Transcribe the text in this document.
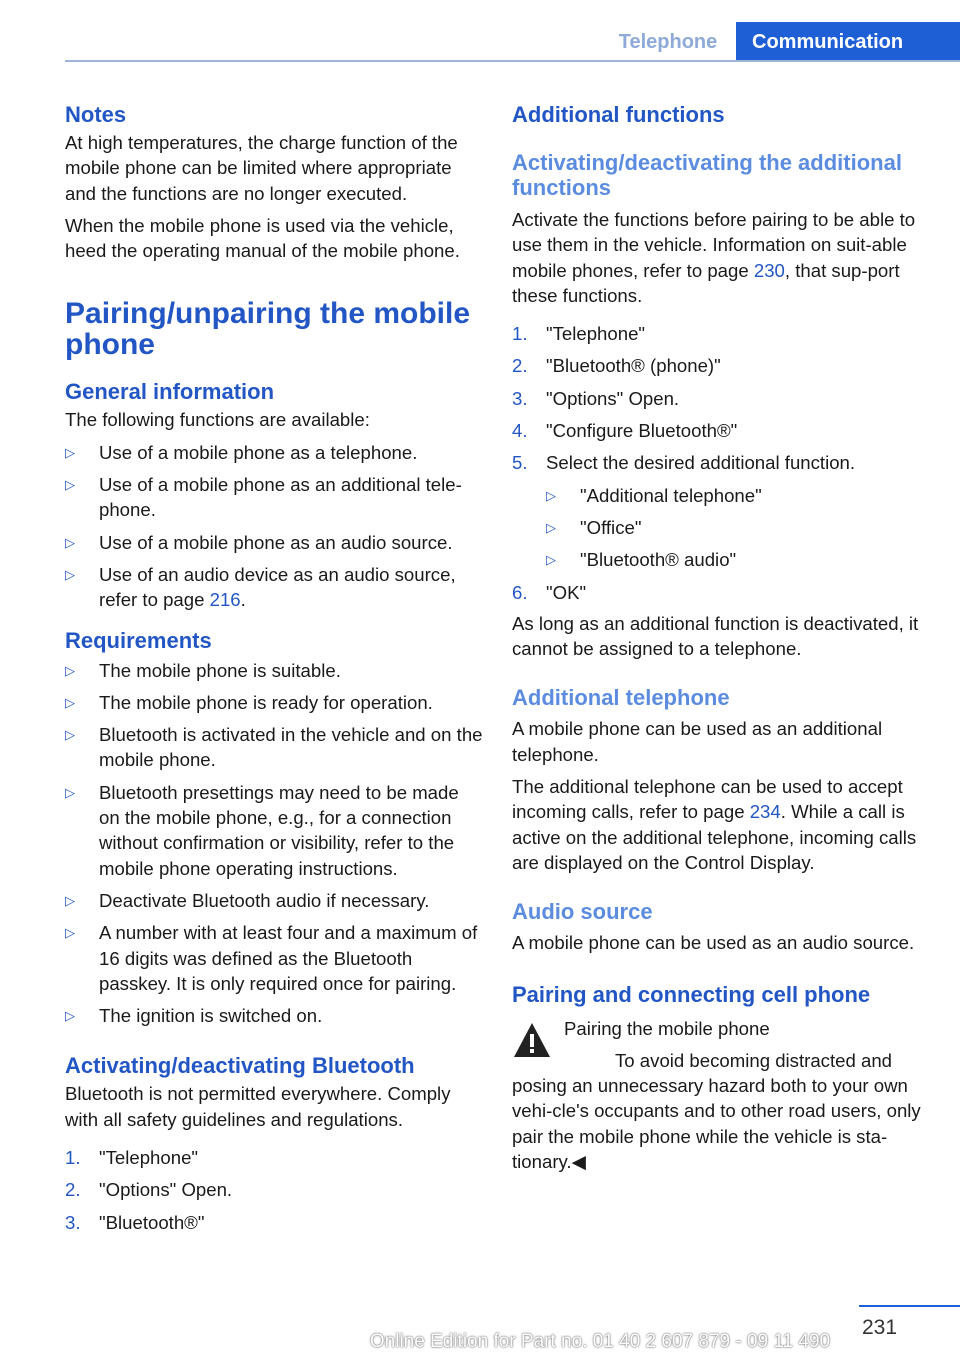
Telephone	Communication
Notes

At high temperatures, the charge function of the mobile phone can be limited where appropriate and the functions are no longer executed.

When the mobile phone is used via the vehicle, heed the operating manual of the mobile phone.

Pairing/unpairing the mobile phone
General information

The following functions are available:

▷ Use of a mobile phone as a telephone.
▷ Use of a mobile phone as an additional tele‐phone.
▷ Use of a mobile phone as an audio source.
▷ Use of an audio device as an audio source, refer to page 216.
Requirements
▷ The mobile phone is suitable.
▷ The mobile phone is ready for operation.
▷ Bluetooth is activated in the vehicle and on the mobile phone.
▷ Bluetooth presettings may need to be made on the mobile phone, e.g., for a connection without confirmation or visibility, refer to the mobile phone operating instructions.
▷ Deactivate Bluetooth audio if necessary.
▷ A number with at least four and a maximum of 16 digits was defined as the Bluetooth passkey. It is only required once for pairing.
▷ The ignition is switched on.
Activating/deactivating Bluetooth

Bluetooth is not permitted everywhere. Comply with all safety guidelines and regulations.

1. "Telephone"
2. "Options" Open.
3. "Bluetooth®"
Additional functions
Activating/deactivating the additional functions

Activate the functions before pairing to be able to use them in the vehicle. Information on suit‐able mobile phones, refer to page 230, that sup‐port these functions.

1. "Telephone"
2. "Bluetooth® (phone)"
3. "Options" Open.
4. "Configure Bluetooth®"
5. Select the desired additional function.
▷ "Additional telephone"
▷ "Office"
▷ "Bluetooth® audio"
6. "OK"

As long as an additional function is deactivated, it cannot be assigned to a telephone.

Additional telephone

A mobile phone can be used as an additional telephone.

The additional telephone can be used to accept incoming calls, refer to page 234. While a call is active on the additional telephone, incoming calls are displayed on the Control Display.

Audio source

A mobile phone can be used as an audio source.

Pairing and connecting cell phone

Pairing the mobile phone

To avoid becoming distracted and posing an unnecessary hazard both to your own vehi‐cle's occupants and to other road users, only pair the mobile phone while the vehicle is sta‐tionary.◀

231
Online Edition for Part no. 01 40 2 607 879 - 09 11 490
